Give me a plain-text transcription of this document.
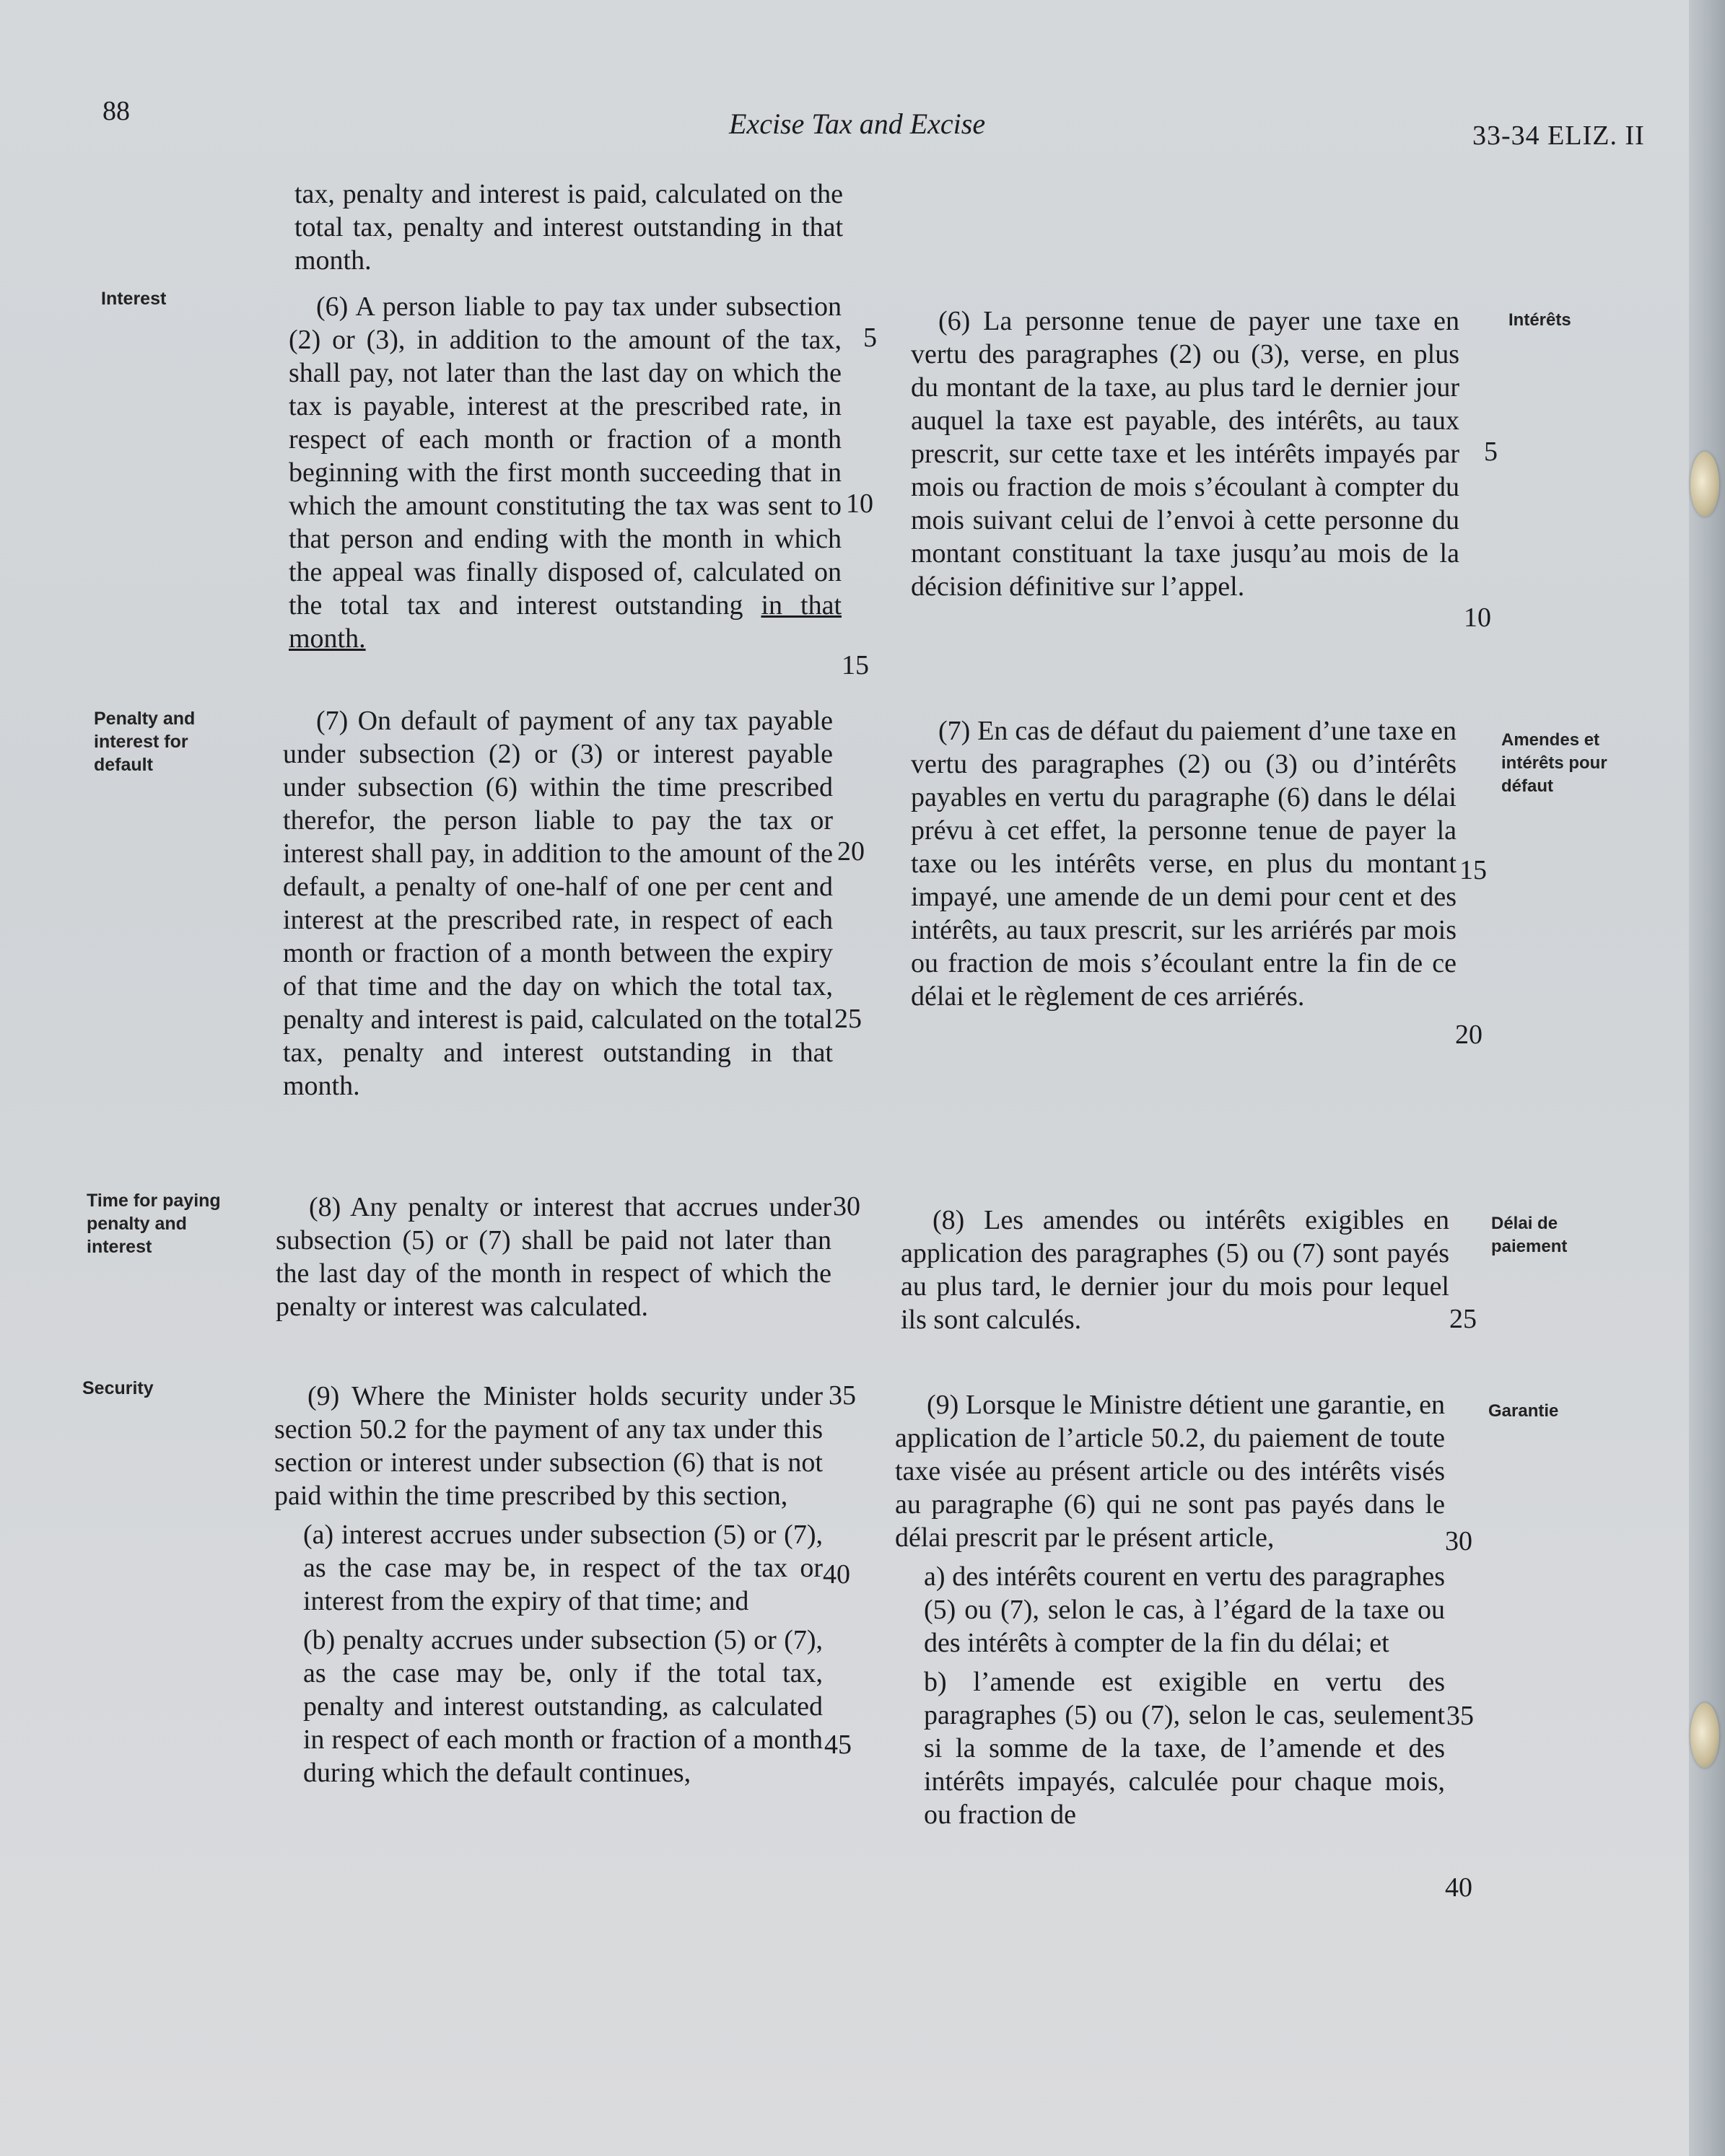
88	Excise Tax and Excise	33-34 ELIZ. II
Interest
Penalty and interest for default
Time for paying penalty and interest
Security

tax, penalty and interest is paid, calculated on the total tax, penalty and interest outstanding in that month.

(6) A person liable to pay tax under subsection (2) or (3), in addition to the amount of the tax, shall pay, not later than the last day on which the tax is payable, interest at the prescribed rate, in respect of each month or fraction of a month beginning with the first month succeeding that in which the amount constituting the tax was sent to that person and ending with the month in which the appeal was finally disposed of, calculated on the total tax and interest outstanding in that month.

(7) On default of payment of any tax payable under subsection (2) or (3) or interest payable under subsection (6) within the time prescribed therefor, the person liable to pay the tax or interest shall pay, in addition to the amount of the default, a penalty of one-half of one per cent and interest at the prescribed rate, in respect of each month or fraction of a month between the expiry of that time and the day on which the total tax, penalty and interest is paid, calculated on the total tax, penalty and interest outstanding in that month.

(8) Any penalty or interest that accrues under subsection (5) or (7) shall be paid not later than the last day of the month in respect of which the penalty or interest was calculated.

(9) Where the Minister holds security under section 50.2 for the payment of any tax under this section or interest under subsection (6) that is not paid within the time prescribed by this section,

(a) interest accrues under subsection (5) or (7), as the case may be, in respect of the tax or interest from the expiry of that time; and

(b) penalty accrues under subsection (5) or (7), as the case may be, only if the total tax, penalty and interest outstanding, as calculated in respect of each month or fraction of a month during which the default continues,

5
10
15
20
25
30
35
40
45

(6) La personne tenue de payer une taxe en vertu des paragraphes (2) ou (3), verse, en plus du montant de la taxe, au plus tard le dernier jour auquel la taxe est payable, des intérêts, au taux prescrit, sur cette taxe et les intérêts impayés par mois ou fraction de mois s’écoulant à compter du mois suivant celui de l’envoi à cette personne du montant constituant la taxe jusqu’au mois de la décision définitive sur l’appel.

(7) En cas de défaut du paiement d’une taxe en vertu des paragraphes (2) ou (3) ou d’intérêts payables en vertu du paragraphe (6) dans le délai prévu à cet effet, la personne tenue de payer la taxe ou les intérêts verse, en plus du montant impayé, une amende de un demi pour cent et des intérêts, au taux prescrit, sur les arriérés par mois ou fraction de mois s’écoulant entre la fin de ce délai et le règlement de ces arriérés.

(8) Les amendes ou intérêts exigibles en application des paragraphes (5) ou (7) sont payés au plus tard, le dernier jour du mois pour lequel ils sont calculés.

(9) Lorsque le Ministre détient une garantie, en application de l’article 50.2, du paiement de toute taxe visée au présent article ou des intérêts visés au paragraphe (6) qui ne sont pas payés dans le délai prescrit par le présent article,

a) des intérêts courent en vertu des paragraphes (5) ou (7), selon le cas, à l’égard de la taxe ou des intérêts à compter de la fin du délai; et

b) l’amende est exigible en vertu des paragraphes (5) ou (7), selon le cas, seulement si la somme de la taxe, de l’amende et des intérêts impayés, calculée pour chaque mois, ou fraction de

5
10
15
20
25
30
35
40
Intérêts
Amendes et intérêts pour défaut
Délai de paiement
Garantie
